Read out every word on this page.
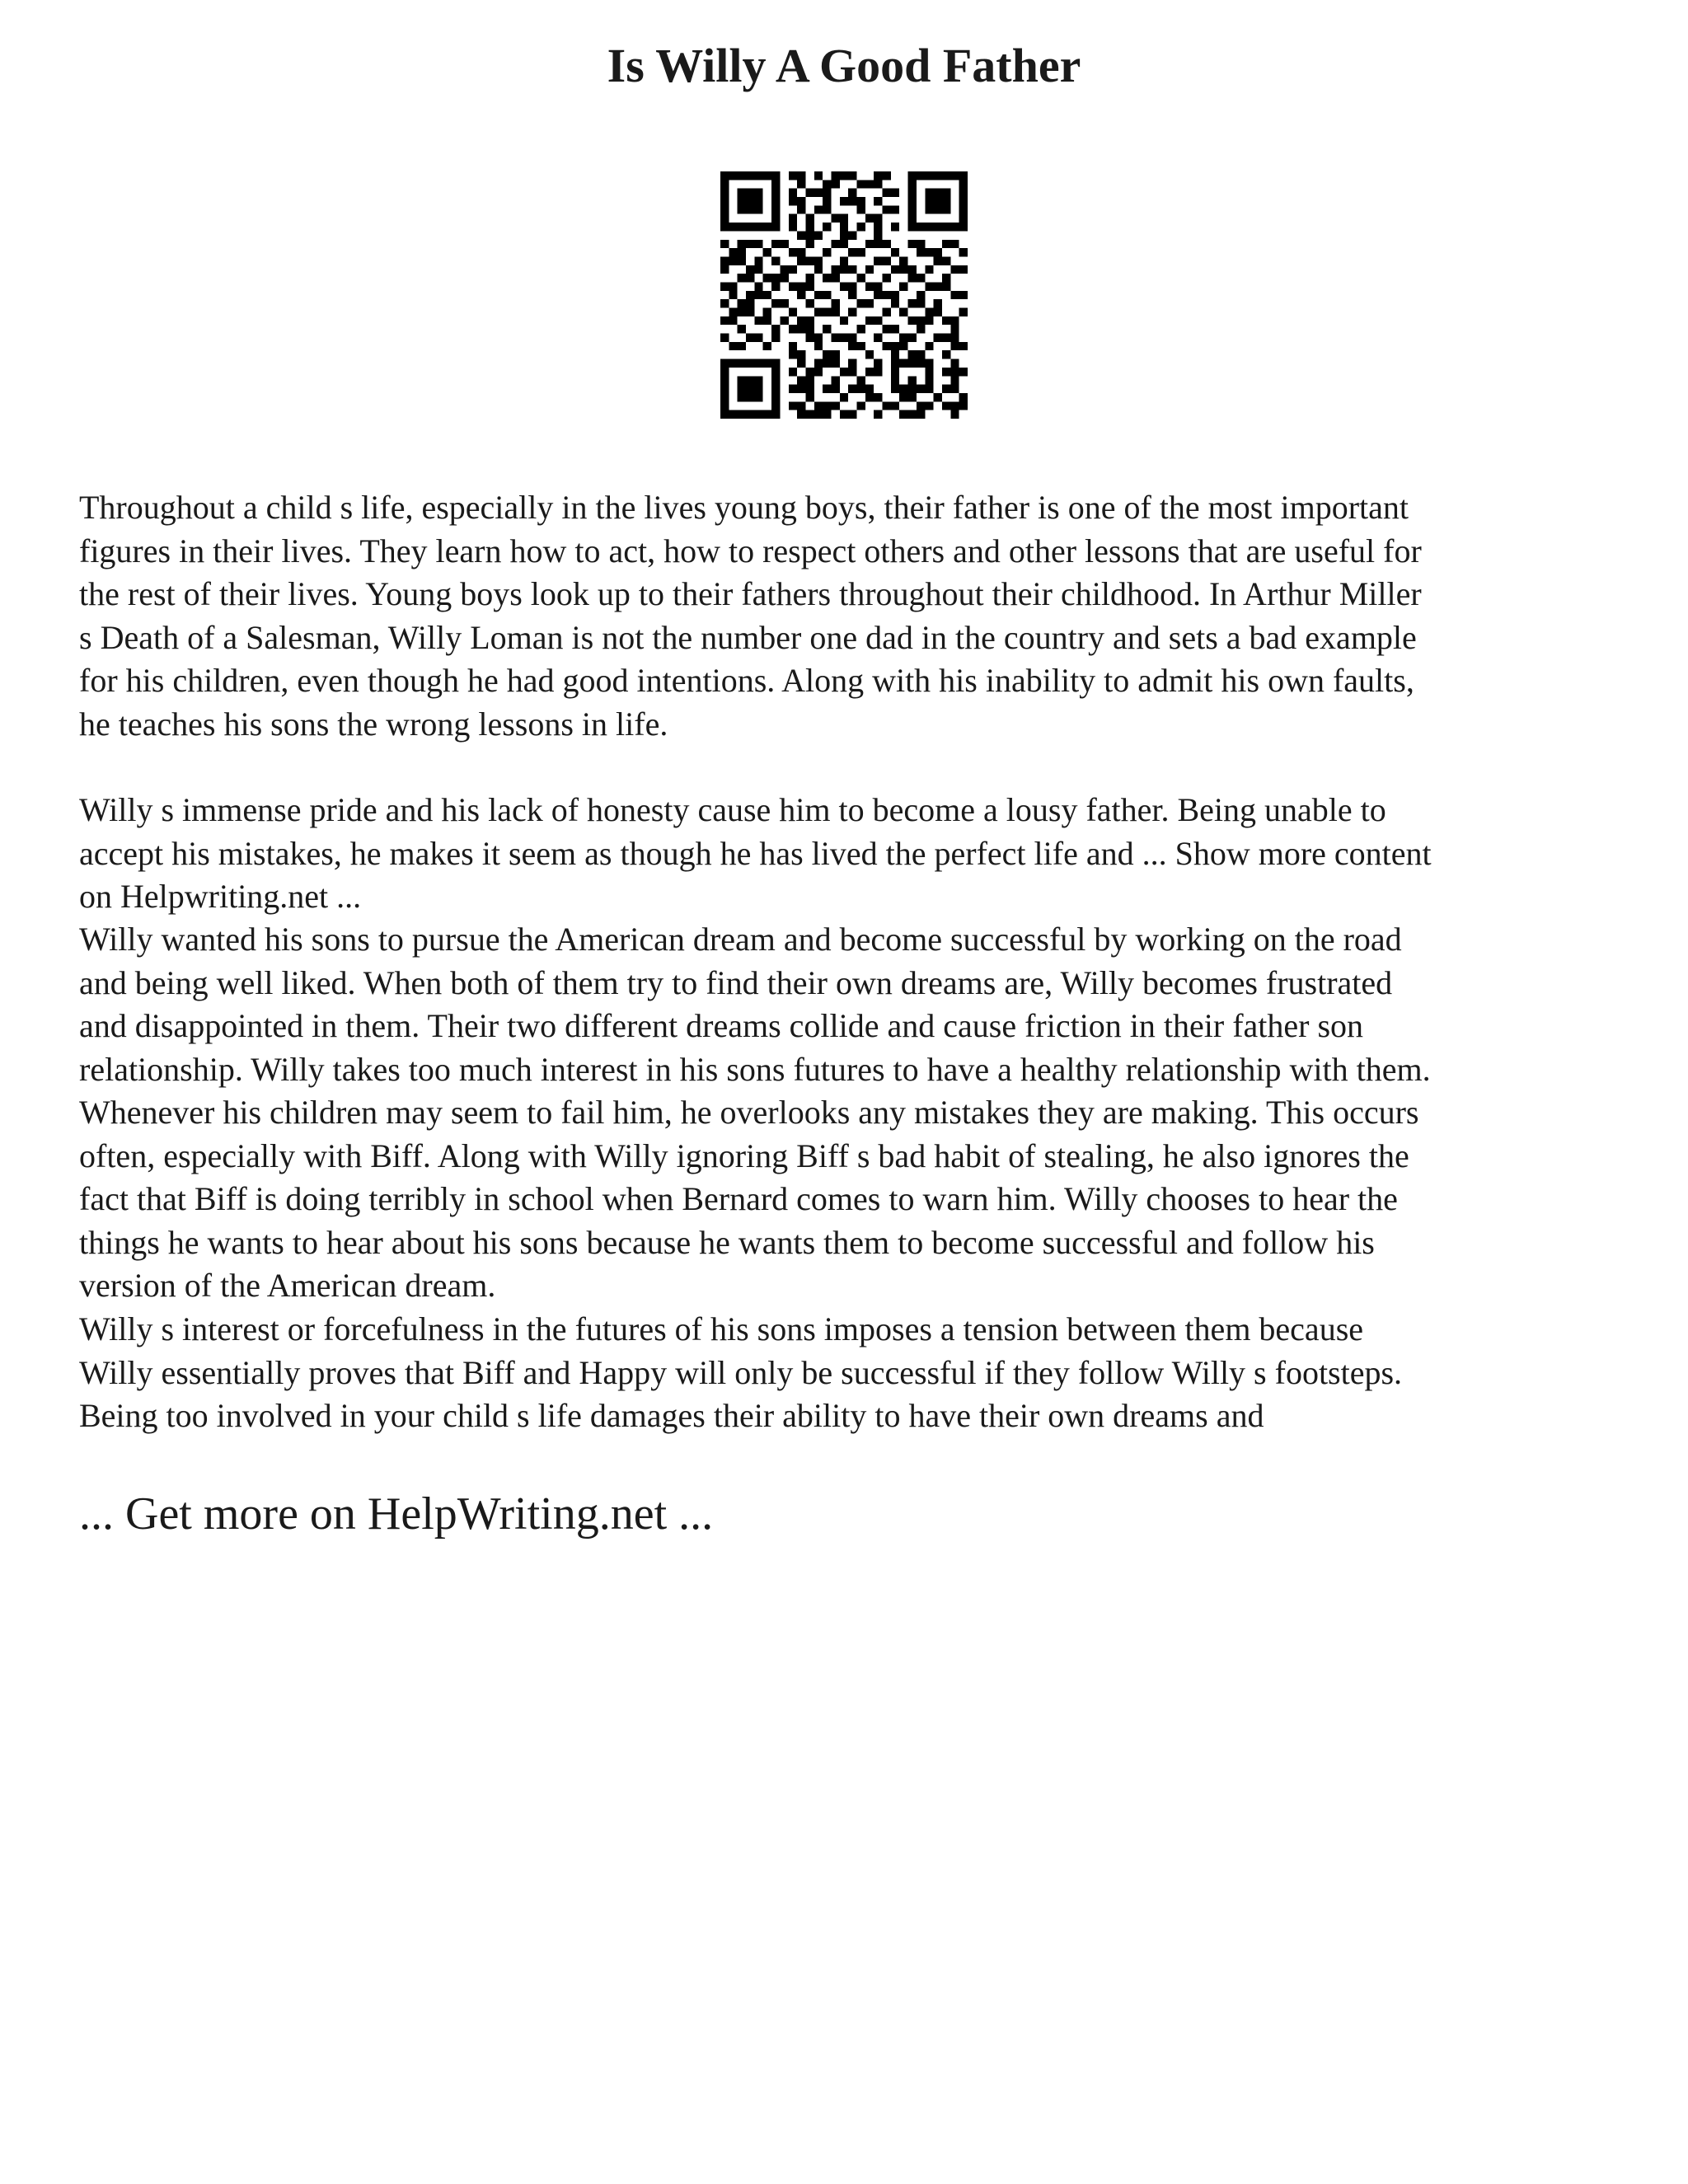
Is Willy A Good Father
Throughout a child s life, especially in the lives young boys, their father is one of the most important
figures in their lives. They learn how to act, how to respect others and other lessons that are useful for
the rest of their lives. Young boys look up to their fathers throughout their childhood. In Arthur Miller
s Death of a Salesman, Willy Loman is not the number one dad in the country and sets a bad example
for his children, even though he had good intentions. Along with his inability to admit his own faults,
he teaches his sons the wrong lessons in life.
Willy s immense pride and his lack of honesty cause him to become a lousy father. Being unable to
accept his mistakes, he makes it seem as though he has lived the perfect life and ... Show more content
on Helpwriting.net ...
Willy wanted his sons to pursue the American dream and become successful by working on the road
and being well liked. When both of them try to find their own dreams are, Willy becomes frustrated
and disappointed in them. Their two different dreams collide and cause friction in their father son
relationship. Willy takes too much interest in his sons futures to have a healthy relationship with them.
Whenever his children may seem to fail him, he overlooks any mistakes they are making. This occurs
often, especially with Biff. Along with Willy ignoring Biff s bad habit of stealing, he also ignores the
fact that Biff is doing terribly in school when Bernard comes to warn him. Willy chooses to hear the
things he wants to hear about his sons because he wants them to become successful and follow his
version of the American dream.
Willy s interest or forcefulness in the futures of his sons imposes a tension between them because
Willy essentially proves that Biff and Happy will only be successful if they follow Willy s footsteps.
Being too involved in your child s life damages their ability to have their own dreams and

... Get more on HelpWriting.net ...
